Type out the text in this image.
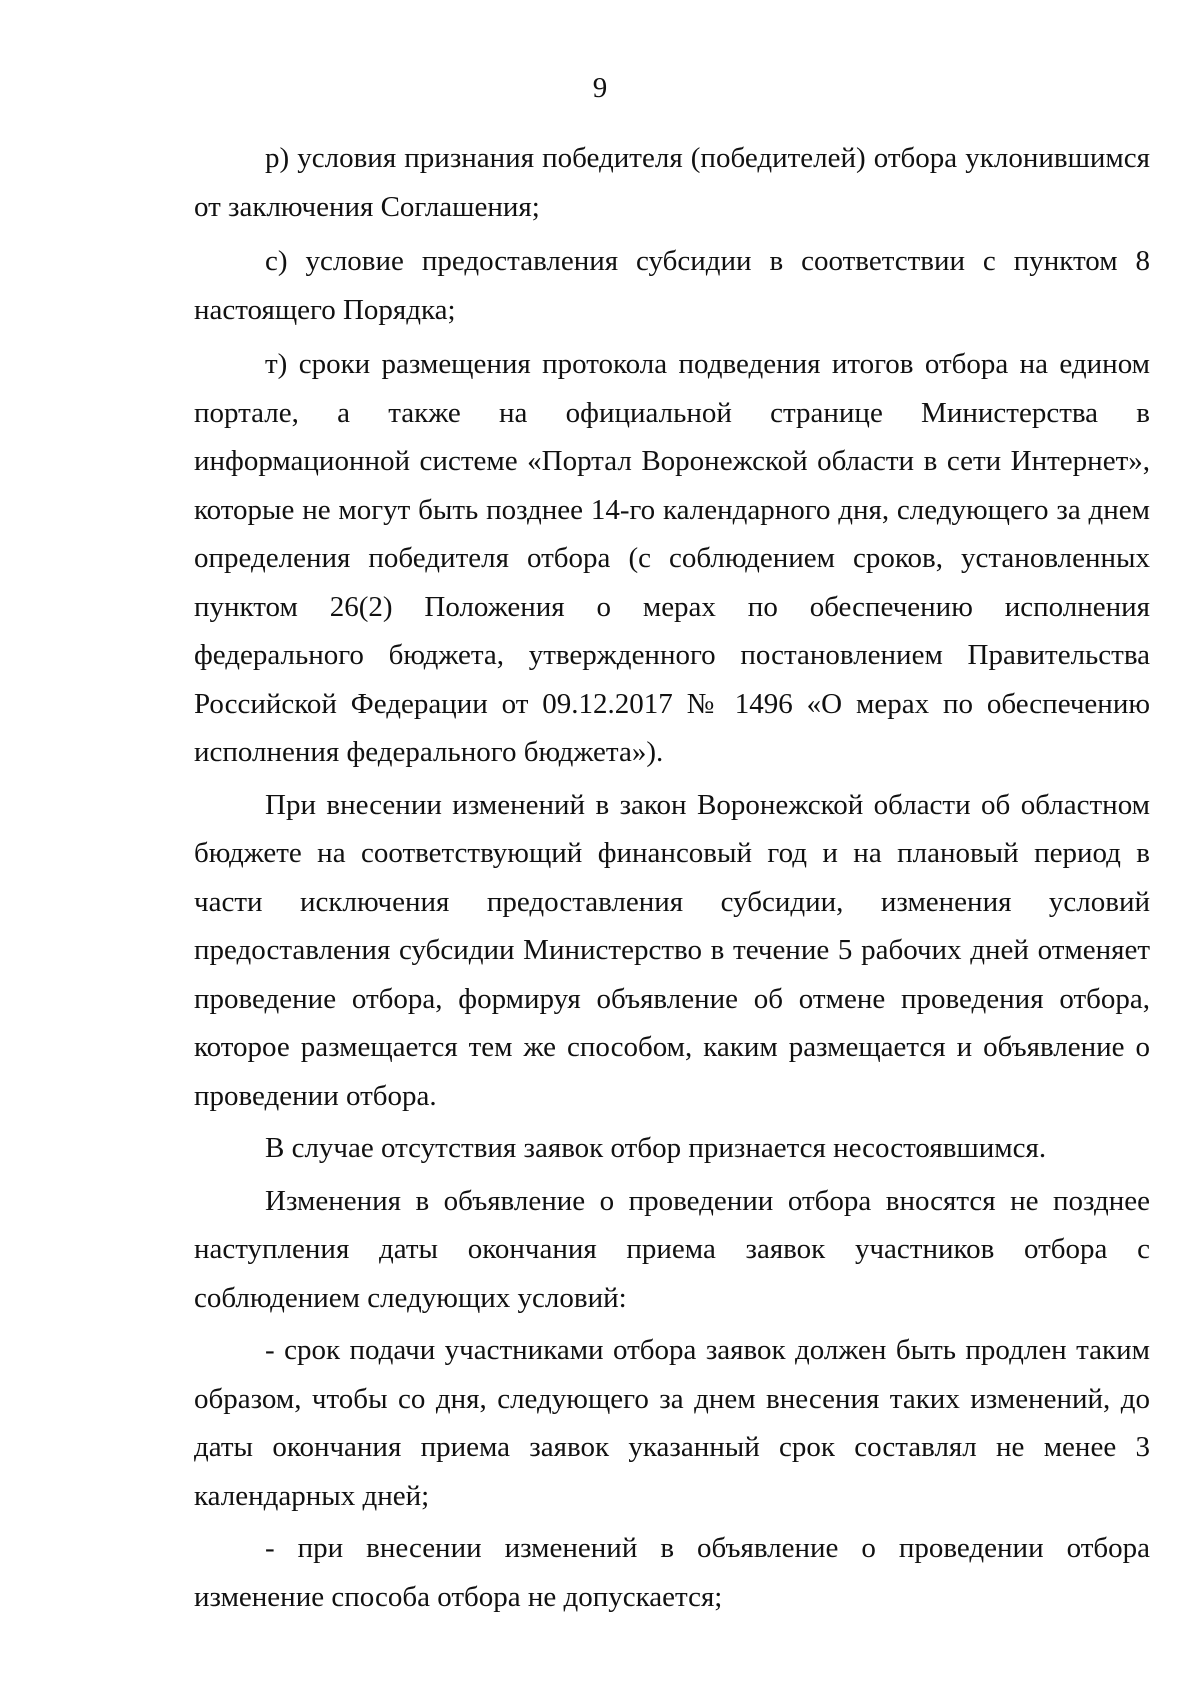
9

р) условия признания победителя (победителей) отбора уклонившимся от заключения Соглашения;

с) условие предоставления субсидии в соответствии с пунктом 8 настоящего Порядка;

т) сроки размещения протокола подведения итогов отбора на едином портале, а также на официальной странице Министерства в информационной системе «Портал Воронежской области в сети Интернет», которые не могут быть позднее 14-го календарного дня, следующего за днем определения победителя отбора (с соблюдением сроков, установленных пунктом 26(2) Положения о мерах по обеспечению исполнения федерального бюджета, утвержденного постановлением Правительства Российской Федерации от 09.12.2017 № 1496 «О мерах по обеспечению исполнения федерального бюджета»).

При внесении изменений в закон Воронежской области об областном бюджете на соответствующий финансовый год и на плановый период в части исключения предоставления субсидии, изменения условий предоставления субсидии Министерство в течение 5 рабочих дней отменяет проведение отбора, формируя объявление об отмене проведения отбора, которое размещается тем же способом, каким размещается и объявление о проведении отбора.

В случае отсутствия заявок отбор признается несостоявшимся.

Изменения в объявление о проведении отбора вносятся не позднее наступления даты окончания приема заявок участников отбора с соблюдением следующих условий:

- срок подачи участниками отбора заявок должен быть продлен таким образом, чтобы со дня, следующего за днем внесения таких изменений, до даты окончания приема заявок указанный срок составлял не менее 3 календарных дней;

- при внесении изменений в объявление о проведении отбора изменение способа отбора не допускается;
